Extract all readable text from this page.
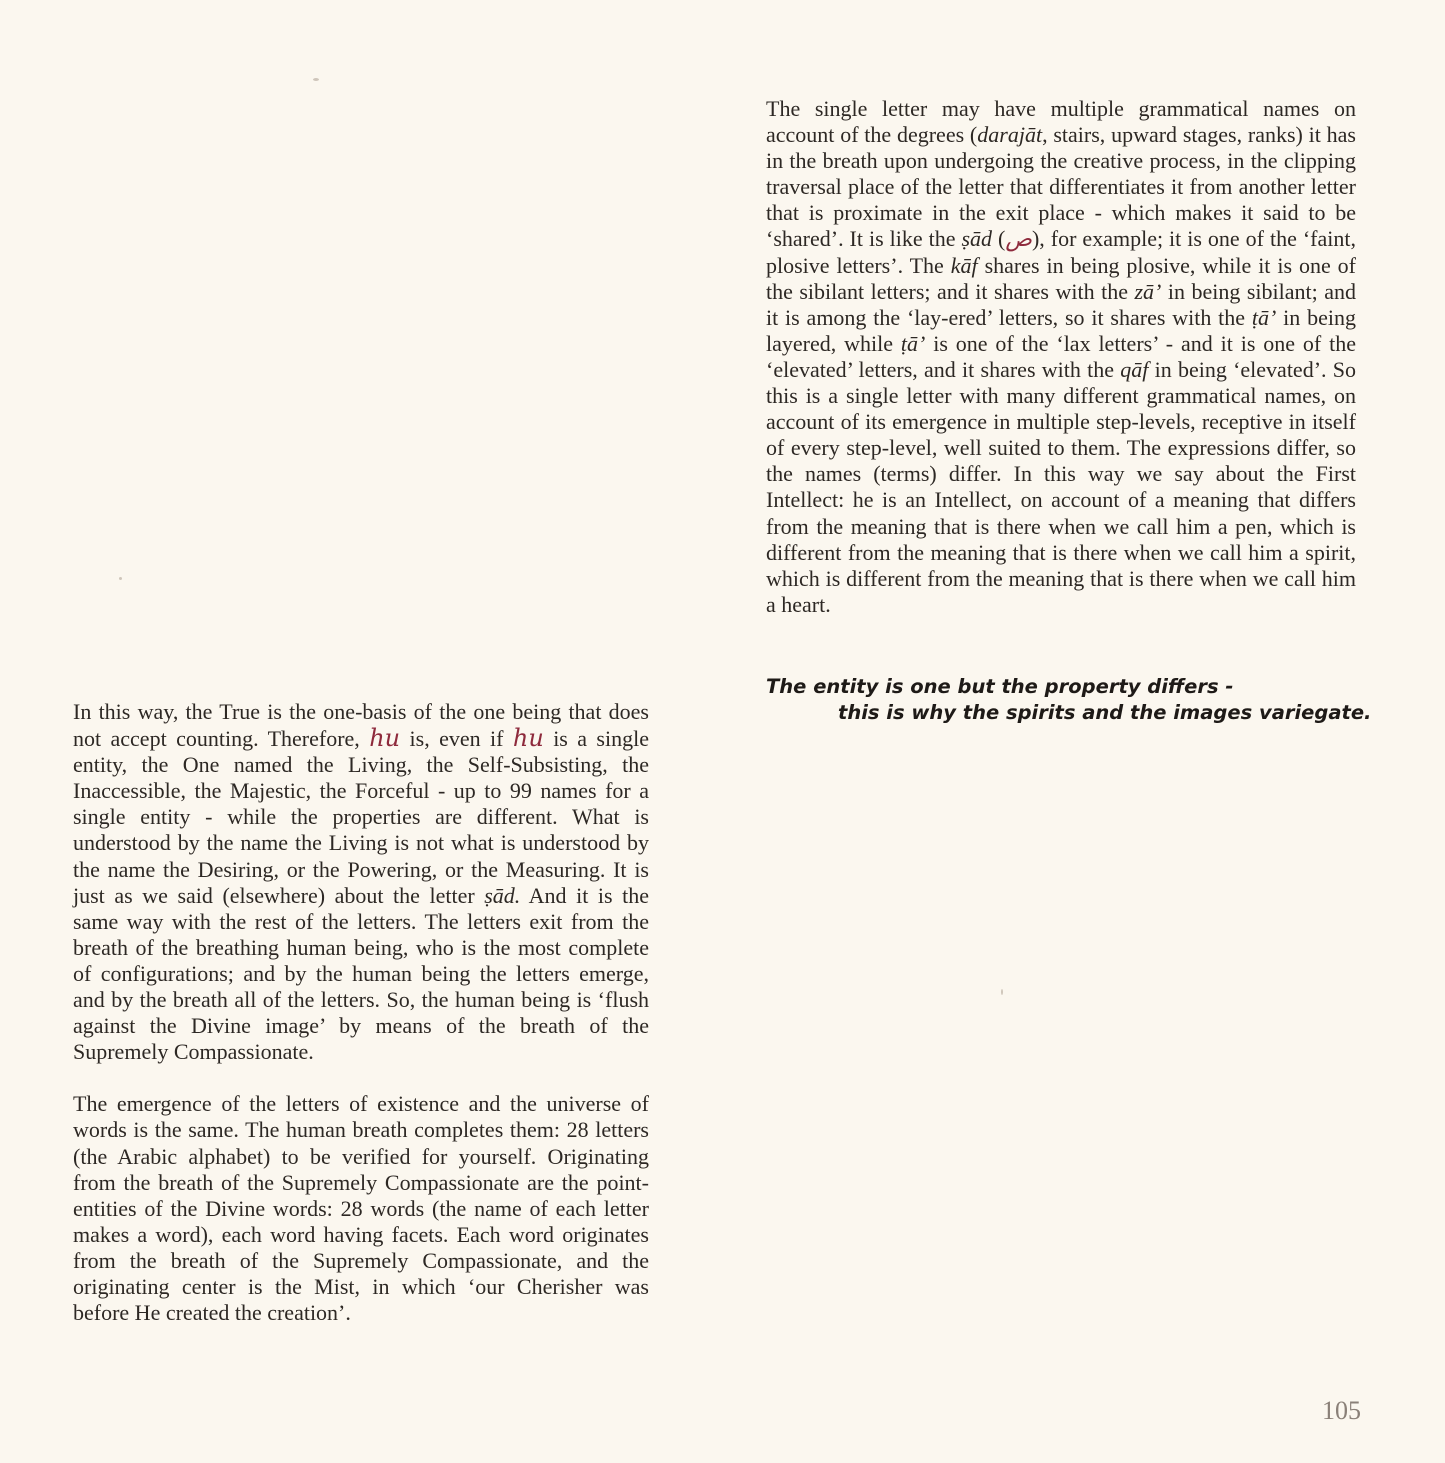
The single letter may have multiple grammatical names on account of the degrees (darajāt, stairs, upward stages, ranks) it has in the breath upon undergoing the creative process, in the clipping traversal place of the letter that differentiates it from another letter that is proximate in the exit place - which makes it said to be ‘shared’. It is like the ṣād (ص), for example; it is one of the ‘faint, plosive letters’. The kāf shares in being plosive, while it is one of the sibilant letters; and it shares with the zā’ in being sibilant; and it is among the ‘lay-ered’ letters, so it shares with the ṭā’ in being layered, while ṭā’ is one of the ‘lax letters’ - and it is one of the ‘elevated’ letters, and it shares with the qāf in being ‘elevated’. So this is a single letter with many different grammatical names, on account of its emergence in multiple step-levels, receptive in itself of every step-level, well suited to them. The expressions differ, so the names (terms) differ. In this way we say about the First Intellect: he is an Intellect, on account of a meaning that differs from the meaning that is there when we call him a pen, which is different from the meaning that is there when we call him a spirit, which is different from the meaning that is there when we call him a heart.

The entity is one but the property differs -
this is why the spirits and the images variegate.

In this way, the True is the one-basis of the one being that does not accept counting. Therefore, hu is, even if hu is a single entity, the One named the Living, the Self-Subsisting, the Inaccessible, the Majestic, the Forceful - up to 99 names for a single entity - while the properties are different. What is understood by the name the Living is not what is understood by the name the Desiring, or the Powering, or the Measuring. It is just as we said (elsewhere) about the letter ṣād. And it is the same way with the rest of the letters. The letters exit from the breath of the breathing human being, who is the most complete of configurations; and by the human being the letters emerge, and by the breath all of the letters. So, the human being is ‘flush against the Divine image’ by means of the breath of the Supremely Compassionate.

The emergence of the letters of existence and the universe of words is the same. The human breath completes them: 28 letters (the Arabic alphabet) to be verified for yourself. Originating from the breath of the Supremely Compassionate are the point-entities of the Divine words: 28 words (the name of each letter makes a word), each word having facets. Each word originates from the breath of the Supremely Compassionate, and the originating center is the Mist, in which ‘our Cherisher was before He created the creation’.

105
